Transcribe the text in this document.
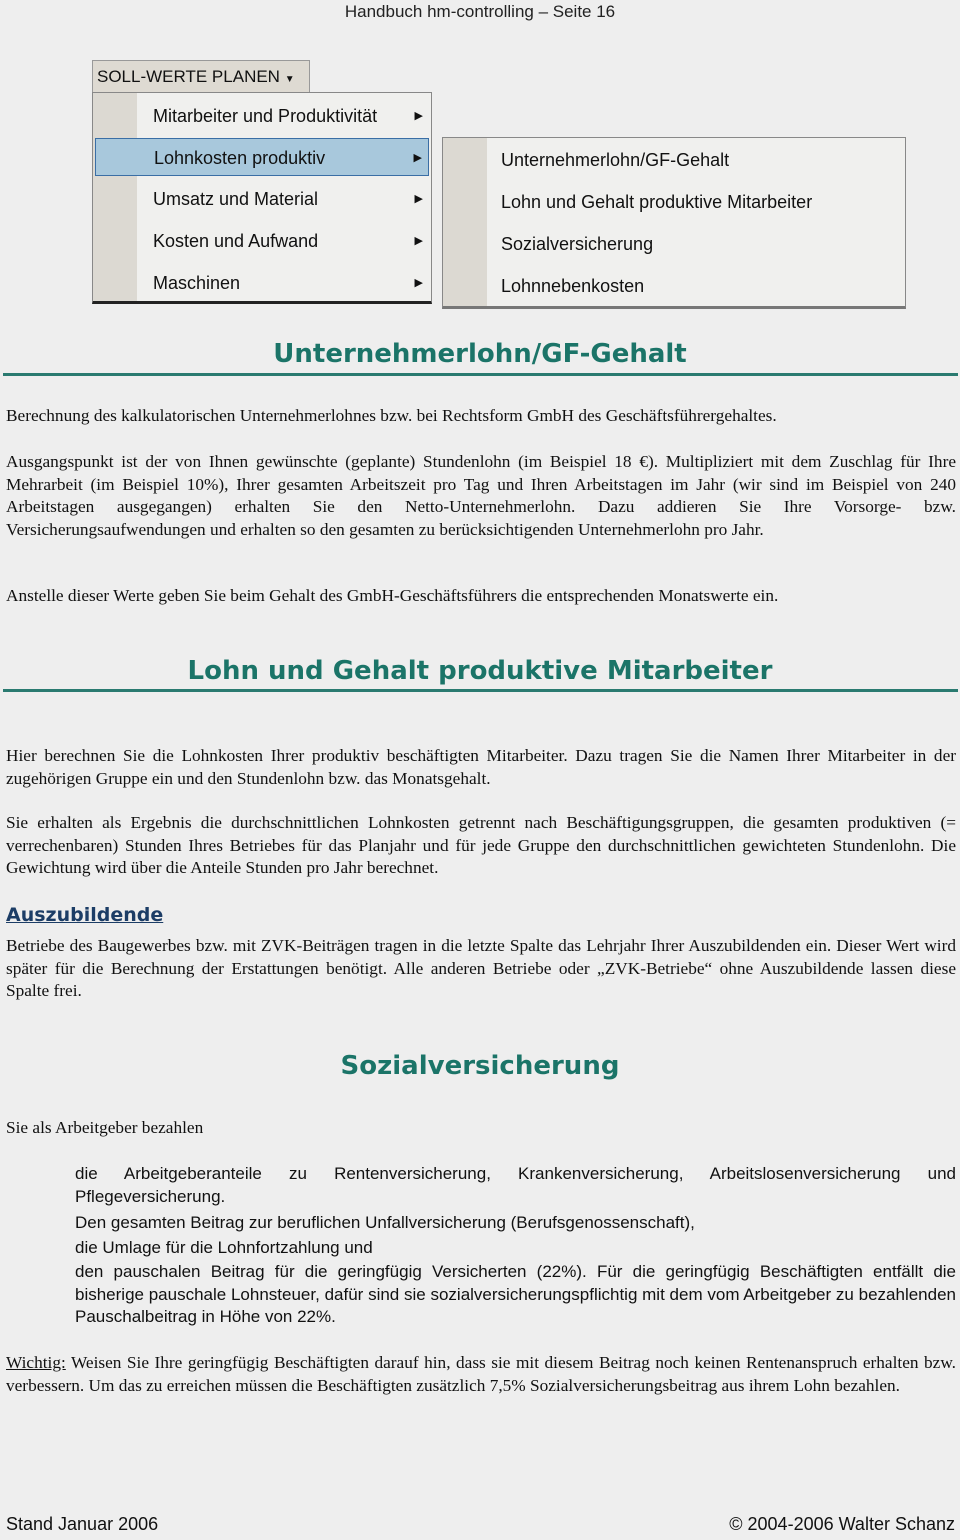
Handbuch hm-controlling – Seite 16
SOLL-WERTE PLANEN ▼
Mitarbeiter und Produktivität	▶
Lohnkosten produktiv	▶
Umsatz und Material	▶
Kosten und Aufwand	▶
Maschinen	▶
Unternehmerlohn/GF-Gehalt
Lohn und Gehalt produktive Mitarbeiter
Sozialversicherung
Lohnnebenkosten
Unternehmerlohn/GF-Gehalt
Berechnung des kalkulatorischen Unternehmerlohnes bzw. bei Rechtsform GmbH des Geschäftsführergehaltes.
Ausgangspunkt ist der von Ihnen gewünschte (geplante) Stundenlohn (im Beispiel 18 €). Multipliziert mit dem Zuschlag für Ihre Mehrarbeit (im Beispiel 10%), Ihrer gesamten Arbeitszeit pro Tag und Ihren Arbeitstagen im Jahr (wir sind im Beispiel von 240 Arbeitstagen ausgegangen) erhalten Sie den Netto-Unternehmerlohn. Dazu addieren Sie Ihre Vorsorge- bzw. Versicherungsaufwendungen und erhalten so den gesamten zu berücksichtigenden Unternehmerlohn pro Jahr.
Anstelle dieser Werte geben Sie beim Gehalt des GmbH-Geschäftsführers die entsprechenden Monatswerte ein.
Lohn und Gehalt produktive Mitarbeiter
Hier berechnen Sie die Lohnkosten Ihrer produktiv beschäftigten Mitarbeiter. Dazu tragen Sie die Namen Ihrer Mitarbeiter in der zugehörigen Gruppe ein und den Stundenlohn bzw. das Monatsgehalt.
Sie erhalten als Ergebnis die durchschnittlichen Lohnkosten getrennt nach Beschäftigungsgruppen, die gesamten produktiven (= verrechenbaren) Stunden Ihres Betriebes für das Planjahr und für jede Gruppe den durchschnittlichen gewichteten Stundenlohn. Die Gewichtung wird über die Anteile Stunden pro Jahr berechnet.
Auszubildende
Betriebe des Baugewerbes bzw. mit ZVK-Beiträgen tragen in die letzte Spalte das Lehrjahr Ihrer Auszubildenden ein. Dieser Wert wird später für die Berechnung der Erstattungen benötigt. Alle anderen Betriebe oder „ZVK-Betriebe“ ohne Auszubildende lassen diese Spalte frei.
Sozialversicherung
Sie als Arbeitgeber bezahlen
die Arbeitgeberanteile zu Rentenversicherung, Krankenversicherung, Arbeitslosenversicherung und Pflegeversicherung.
Den gesamten Beitrag zur beruflichen Unfallversicherung (Berufsgenossenschaft),
die Umlage für die Lohnfortzahlung und
den pauschalen Beitrag für die geringfügig Versicherten (22%). Für die geringfügig Beschäftigten entfällt die bisherige pauschale Lohnsteuer, dafür sind sie sozialversicherungspflichtig mit dem vom Arbeitgeber zu bezahlenden Pauschalbeitrag in Höhe von 22%.
Wichtig: Weisen Sie Ihre geringfügig Beschäftigten darauf hin, dass sie mit diesem Beitrag noch keinen Rentenanspruch erhalten bzw. verbessern. Um das zu erreichen müssen die Beschäftigten zusätzlich 7,5% Sozialversicherungsbeitrag aus ihrem Lohn bezahlen.
Stand Januar 2006	© 2004-2006 Walter Schanz
